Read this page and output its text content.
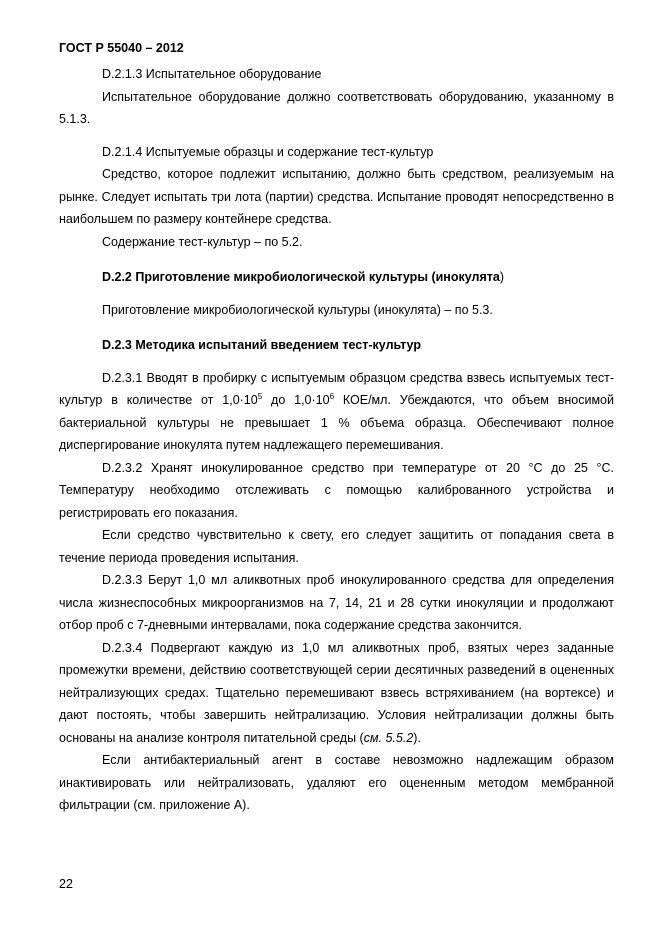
ГОСТ Р 55040 – 2012

D.2.1.3 Испытательное оборудование

Испытательное оборудование должно соответствовать оборудованию, указанному в 5.1.3.

D.2.1.4 Испытуемые образцы и содержание тест-культур

Средство, которое подлежит испытанию, должно быть средством, реализуемым на рынке. Следует испытать три лота (партии) средства. Испытание проводят непосредственно в наибольшем по размеру контейнере средства.

Содержание тест-культур – по 5.2.

D.2.2 Приготовление микробиологической культуры (инокулята)

Приготовление микробиологической культуры (инокулята) – по 5.3.

D.2.3 Методика испытаний введением тест-культур

D.2.3.1 Вводят в пробирку с испытуемым образцом средства взвесь испытуемых тест-культур в количестве от $1,0\cdot 10^5$ до $1,0\cdot 10^6$ КОЕ/мл. Убеждаются, что объем вносимой бактериальной культуры не превышает 1 % объема образца. Обеспечивают полное диспергирование инокулята путем надлежащего перемешивания.

D.2.3.2 Хранят инокулированное средство при температуре от 20 °C до 25 °C. Температуру необходимо отслеживать с помощью калиброванного устройства и регистрировать его показания.

Если средство чувствительно к свету, его следует защитить от попадания света в течение периода проведения испытания.

D.2.3.3 Берут 1,0 мл аликвотных проб инокулированного средства для определения числа жизнеспособных микроорганизмов на 7, 14, 21 и 28 сутки инокуляции и продолжают отбор проб с 7-дневными интервалами, пока содержание средства закончится.

D.2.3.4 Подвергают каждую из 1,0 мл аликвотных проб, взятых через заданные промежутки времени, действию соответствующей серии десятичных разведений в оцененных нейтрализующих средах. Тщательно перемешивают взвесь встряхиванием (на вортексе) и дают постоять, чтобы завершить нейтрализацию. Условия нейтрализации должны быть основаны на анализе контроля питательной среды (см. 5.5.2).

Если антибактериальный агент в составе невозможно надлежащим образом инактивировать или нейтрализовать, удаляют его оцененным методом мембранной фильтрации (см. приложение А).

22
